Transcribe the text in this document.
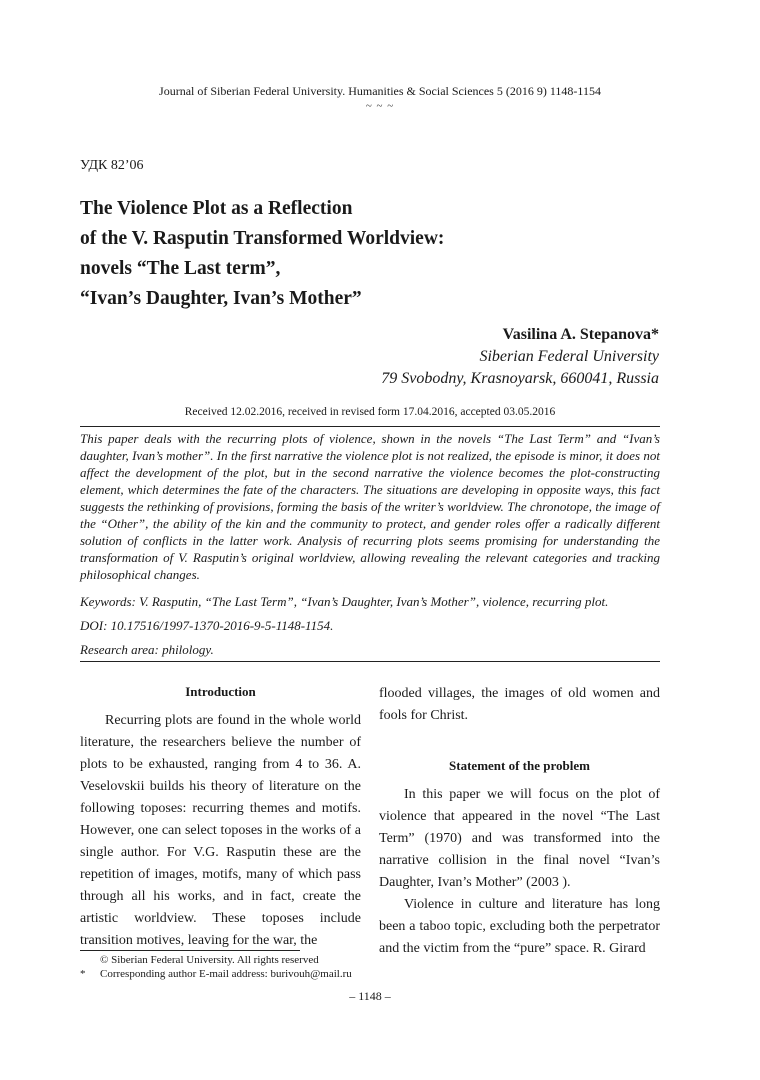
Journal of Siberian Federal University. Humanities & Social Sciences 5 (2016 9) 1148-1154
~ ~ ~
УДК 82’06
The Violence Plot as a Reflection
of the V. Rasputin Transformed Worldview:
novels “The Last term”,
“Ivan’s Daughter, Ivan’s Mother”
Vasilina A. Stepanova*
Siberian Federal University
79 Svobodny, Krasnoyarsk, 660041, Russia
Received 12.02.2016, received in revised form 17.04.2016, accepted 03.05.2016

This paper deals with the recurring plots of violence, shown in the novels “The Last Term” and “Ivan’s daughter, Ivan’s mother”. In the first narrative the violence plot is not realized, the episode is minor, it does not affect the development of the plot, but in the second narrative the violence becomes the plot-constructing element, which determines the fate of the characters. The situations are developing in opposite ways, this fact suggests the rethinking of provisions, forming the basis of the writer’s worldview. The chronotope, the image of the “Other”, the ability of the kin and the community to protect, and gender roles offer a radically different solution of conflicts in the latter work. Analysis of recurring plots seems promising for understanding the transformation of V. Rasputin’s original worldview, allowing revealing the relevant categories and tracking philosophical changes.

Keywords: V. Rasputin, “The Last Term”, “Ivan’s Daughter, Ivan’s Mother”, violence, recurring plot.
DOI: 10.17516/1997-1370-2016-9-5-1148-1154.
Research area: philology.
Introduction

Recurring plots are found in the whole world literature, the researchers believe the number of plots to be exhausted, ranging from 4 to 36. A. Veselovskii builds his theory of literature on the following toposes: recurring themes and motifs. However, one can select toposes in the works of a single author. For V.G. Rasputin these are the repetition of images, motifs, many of which pass through all his works, and in fact, create the artistic worldview. These toposes include transition motives, leaving for the war, the

flooded villages, the images of old women and fools for Christ.

Statement of the problem

In this paper we will focus on the plot of violence that appeared in the novel “The Last Term” (1970) and was transformed into the narrative collision in the final novel “Ivan’s Daughter, Ivan’s Mother” (2003 ).

Violence in culture and literature has long been a taboo topic, excluding both the perpetrator and the victim from the “pure” space. R. Girard

© Siberian Federal University. All rights reserved
* Corresponding author E-mail address: burivouh@mail.ru
– 1148 –
